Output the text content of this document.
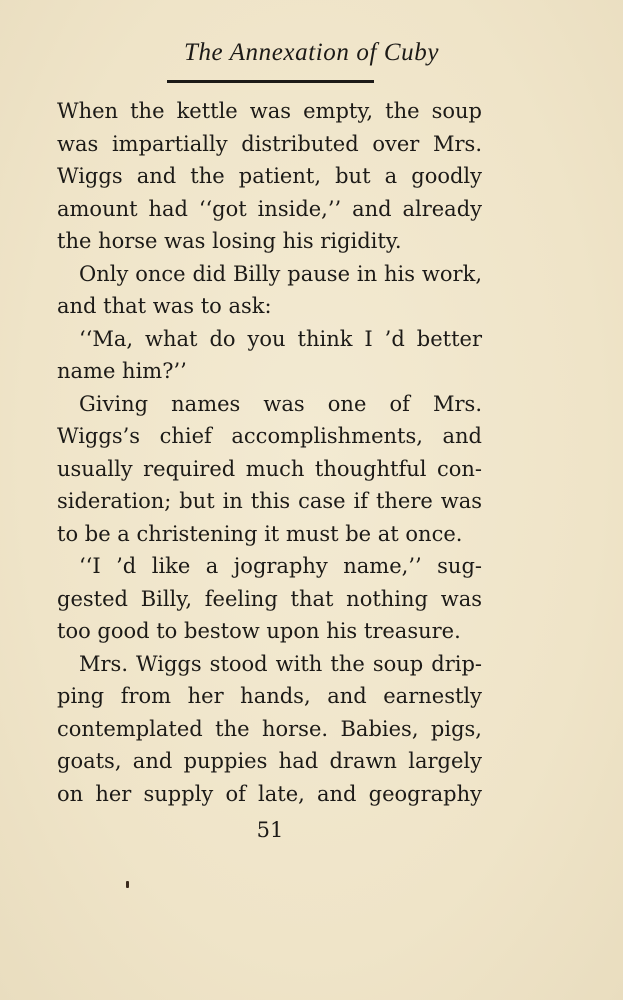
The Annexation of Cuby
When the kettle was empty, the soup
was impartially distributed over Mrs.
Wiggs and the patient, but a goodly
amount had ‘‘got inside,’’ and already
the horse was losing his rigidity.
Only once did Billy pause in his work,
and that was to ask:
‘‘Ma, what do you think I ’d better
name him?’’
Giving names was one of Mrs.
Wiggs’s chief accomplishments, and
usually required much thoughtful con-
sideration; but in this case if there was
to be a christening it must be at once.
‘‘I ’d like a jography name,’’ sug-
gested Billy, feeling that nothing was
too good to bestow upon his treasure.
Mrs. Wiggs stood with the soup drip-
ping from her hands, and earnestly
contemplated the horse. Babies, pigs,
goats, and puppies had drawn largely
on her supply of late, and geography
51
